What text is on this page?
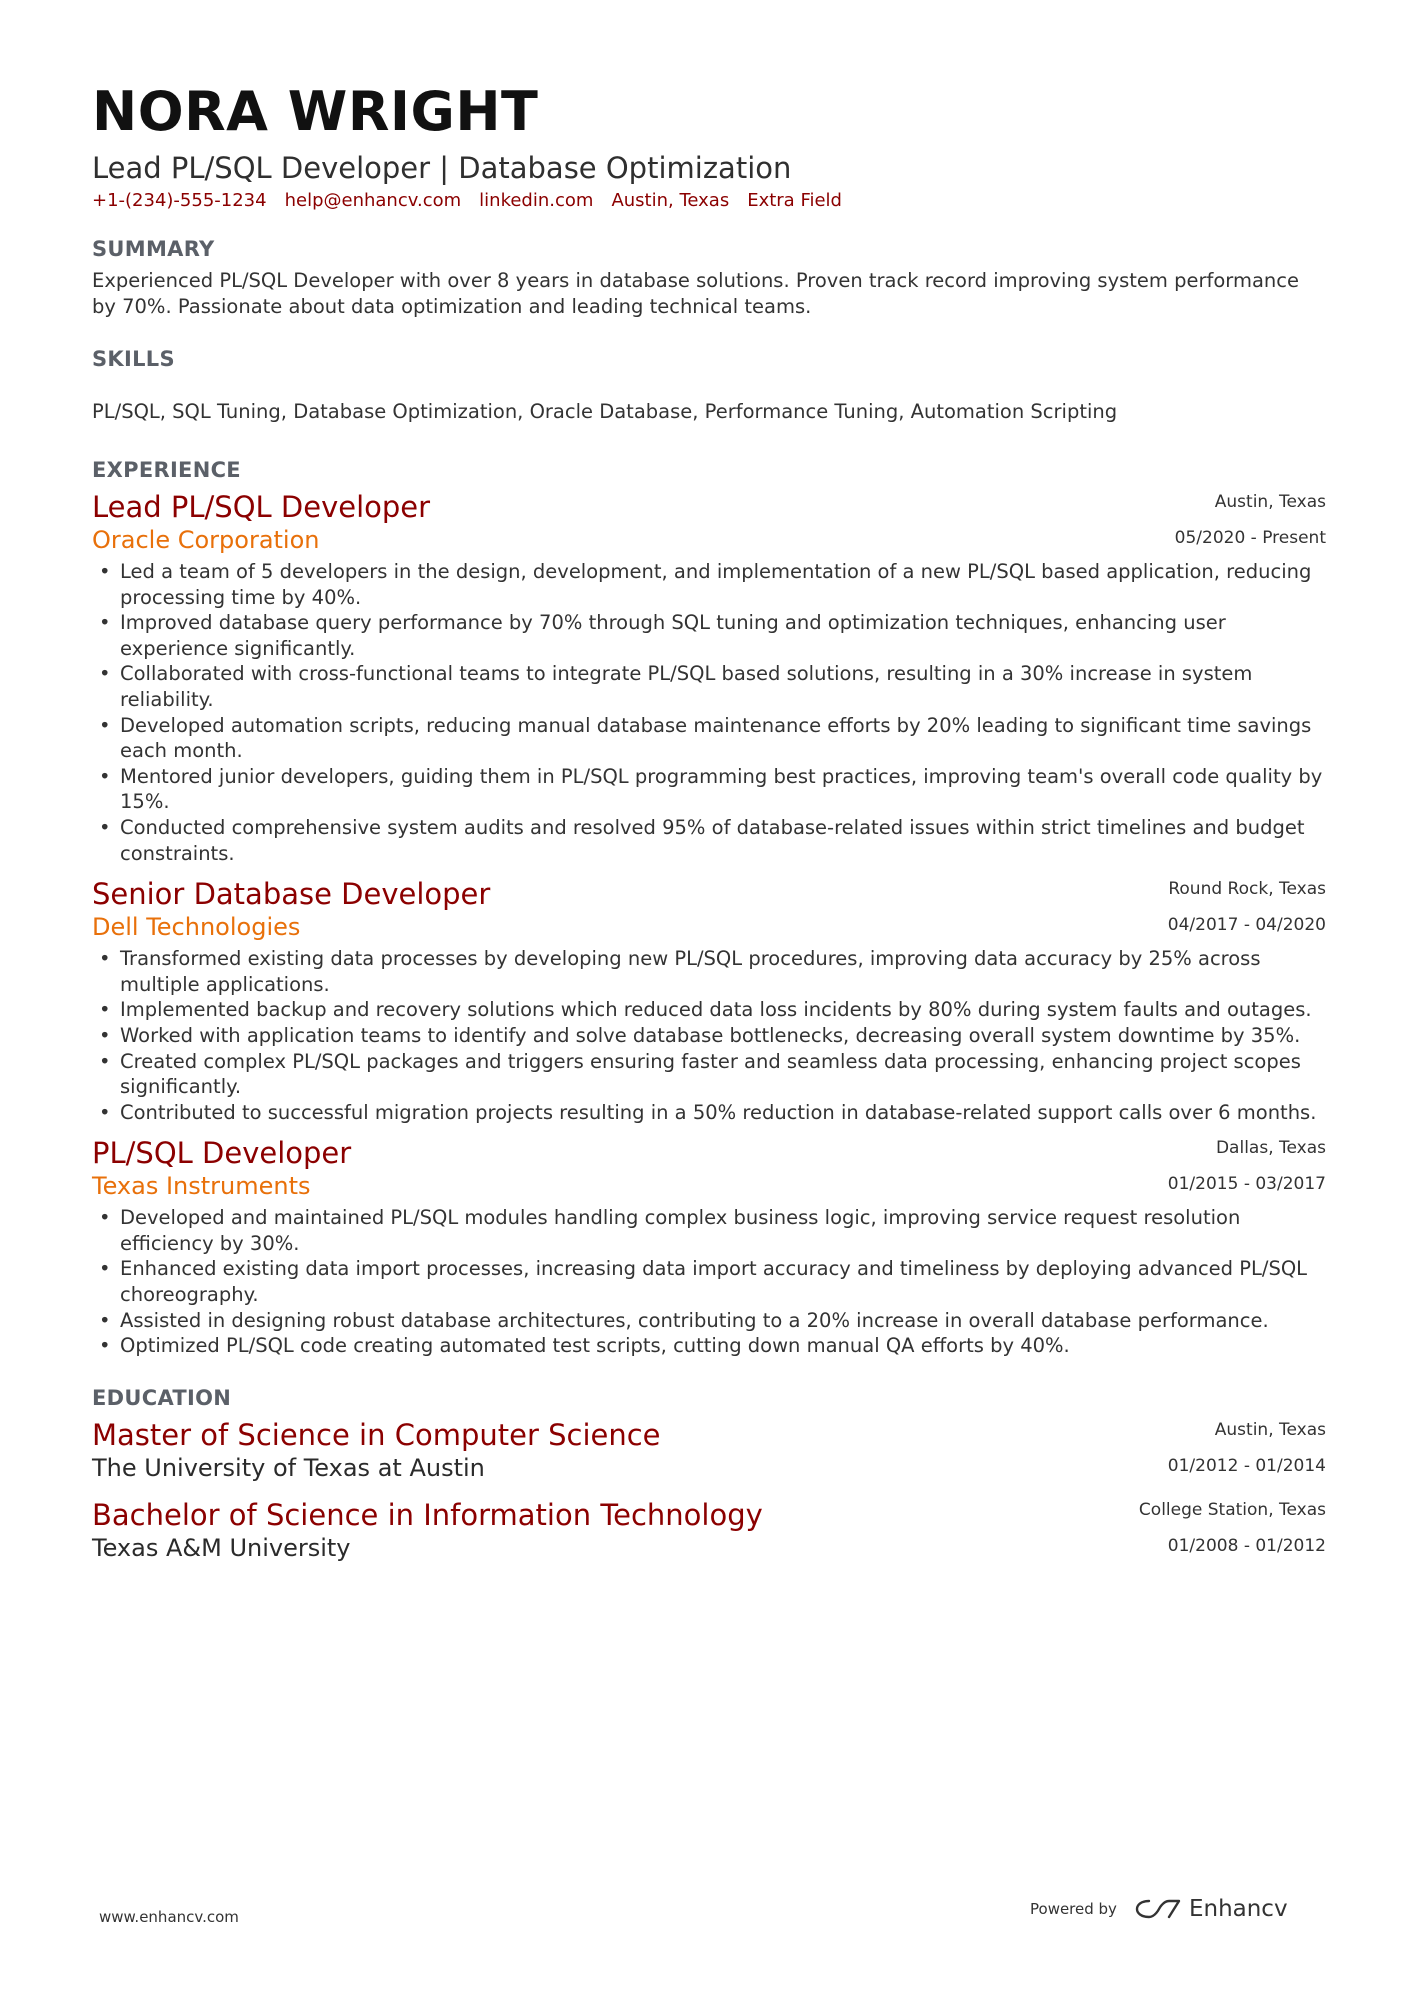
NORA WRIGHT
Lead PL/SQL Developer | Database Optimization
+1-(234)-555-1234 help@enhancv.com linkedin.com Austin, Texas Extra Field
SUMMARY
Experienced PL/SQL Developer with over 8 years in database solutions. Proven track record improving system performance by 70%. Passionate about data optimization and leading technical teams.
SKILLS
PL/SQL, SQL Tuning, Database Optimization, Oracle Database, Performance Tuning, Automation Scripting
EXPERIENCE
Lead PL/SQL Developer
Oracle Corporation
Austin, Texas
05/2020 - Present
• Led a team of 5 developers in the design, development, and implementation of a new PL/SQL based application, reducing processing time by 40%.
• Improved database query performance by 70% through SQL tuning and optimization techniques, enhancing user experience significantly.
• Collaborated with cross-functional teams to integrate PL/SQL based solutions, resulting in a 30% increase in system reliability.
• Developed automation scripts, reducing manual database maintenance efforts by 20% leading to significant time savings each month.
• Mentored junior developers, guiding them in PL/SQL programming best practices, improving team's overall code quality by 15%.
• Conducted comprehensive system audits and resolved 95% of database-related issues within strict timelines and budget constraints.
Senior Database Developer
Dell Technologies
Round Rock, Texas
04/2017 - 04/2020
• Transformed existing data processes by developing new PL/SQL procedures, improving data accuracy by 25% across multiple applications.
• Implemented backup and recovery solutions which reduced data loss incidents by 80% during system faults and outages.
• Worked with application teams to identify and solve database bottlenecks, decreasing overall system downtime by 35%.
• Created complex PL/SQL packages and triggers ensuring faster and seamless data processing, enhancing project scopes significantly.
• Contributed to successful migration projects resulting in a 50% reduction in database-related support calls over 6 months.
PL/SQL Developer
Texas Instruments
Dallas, Texas
01/2015 - 03/2017
• Developed and maintained PL/SQL modules handling complex business logic, improving service request resolution efficiency by 30%.
• Enhanced existing data import processes, increasing data import accuracy and timeliness by deploying advanced PL/SQL choreography.
• Assisted in designing robust database architectures, contributing to a 20% increase in overall database performance.
• Optimized PL/SQL code creating automated test scripts, cutting down manual QA efforts by 40%.
EDUCATION
Master of Science in Computer Science
The University of Texas at Austin
Austin, Texas
01/2012 - 01/2014
Bachelor of Science in Information Technology
Texas A&M University
College Station, Texas
01/2008 - 01/2012
www.enhancv.com	Powered by	Enhancv
